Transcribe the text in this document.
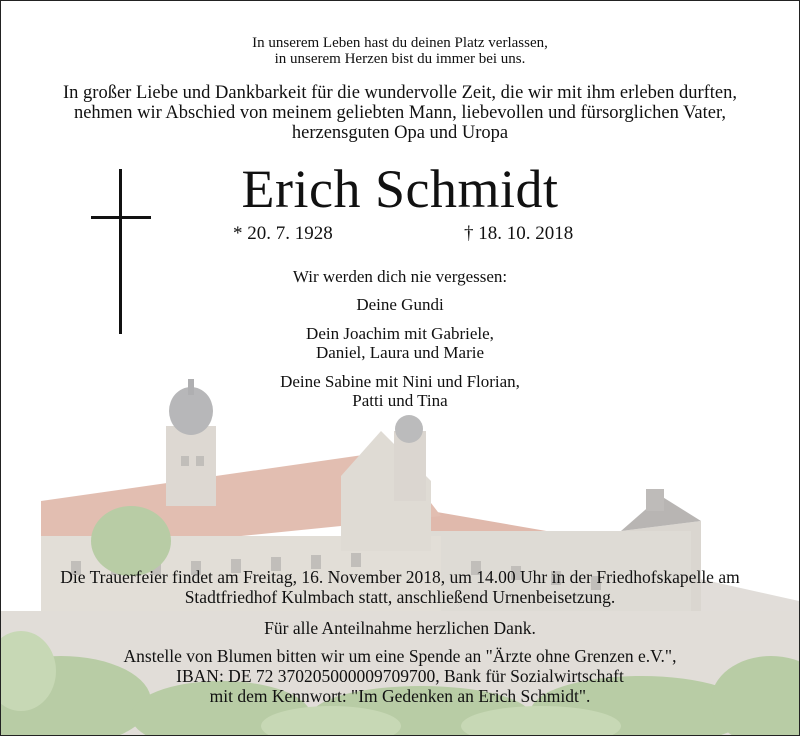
In unserem Leben hast du deinen Platz verlassen,
in unserem Herzen bist du immer bei uns.
In großer Liebe und Dankbarkeit für die wundervolle Zeit, die wir mit ihm erleben durften,
nehmen wir Abschied von meinem geliebten Mann, liebevollen und fürsorglichen Vater,
herzensguten Opa und Uropa
Erich Schmidt
* 20. 7. 1928	† 18. 10. 2018
Wir werden dich nie vergessen:
Deine Gundi
Dein Joachim mit Gabriele,
Daniel, Laura und Marie
Deine Sabine mit Nini und Florian,
Patti und Tina
Die Trauerfeier findet am Freitag, 16. November 2018, um 14.00 Uhr in der Friedhofskapelle am
Stadtfriedhof Kulmbach statt, anschließend Urnenbeisetzung.
Für alle Anteilnahme herzlichen Dank.
Anstelle von Blumen bitten wir um eine Spende an "Ärzte ohne Grenzen e.V.",
IBAN: DE 72 370205000009709700, Bank für Sozialwirtschaft
mit dem Kennwort: "Im Gedenken an Erich Schmidt".
